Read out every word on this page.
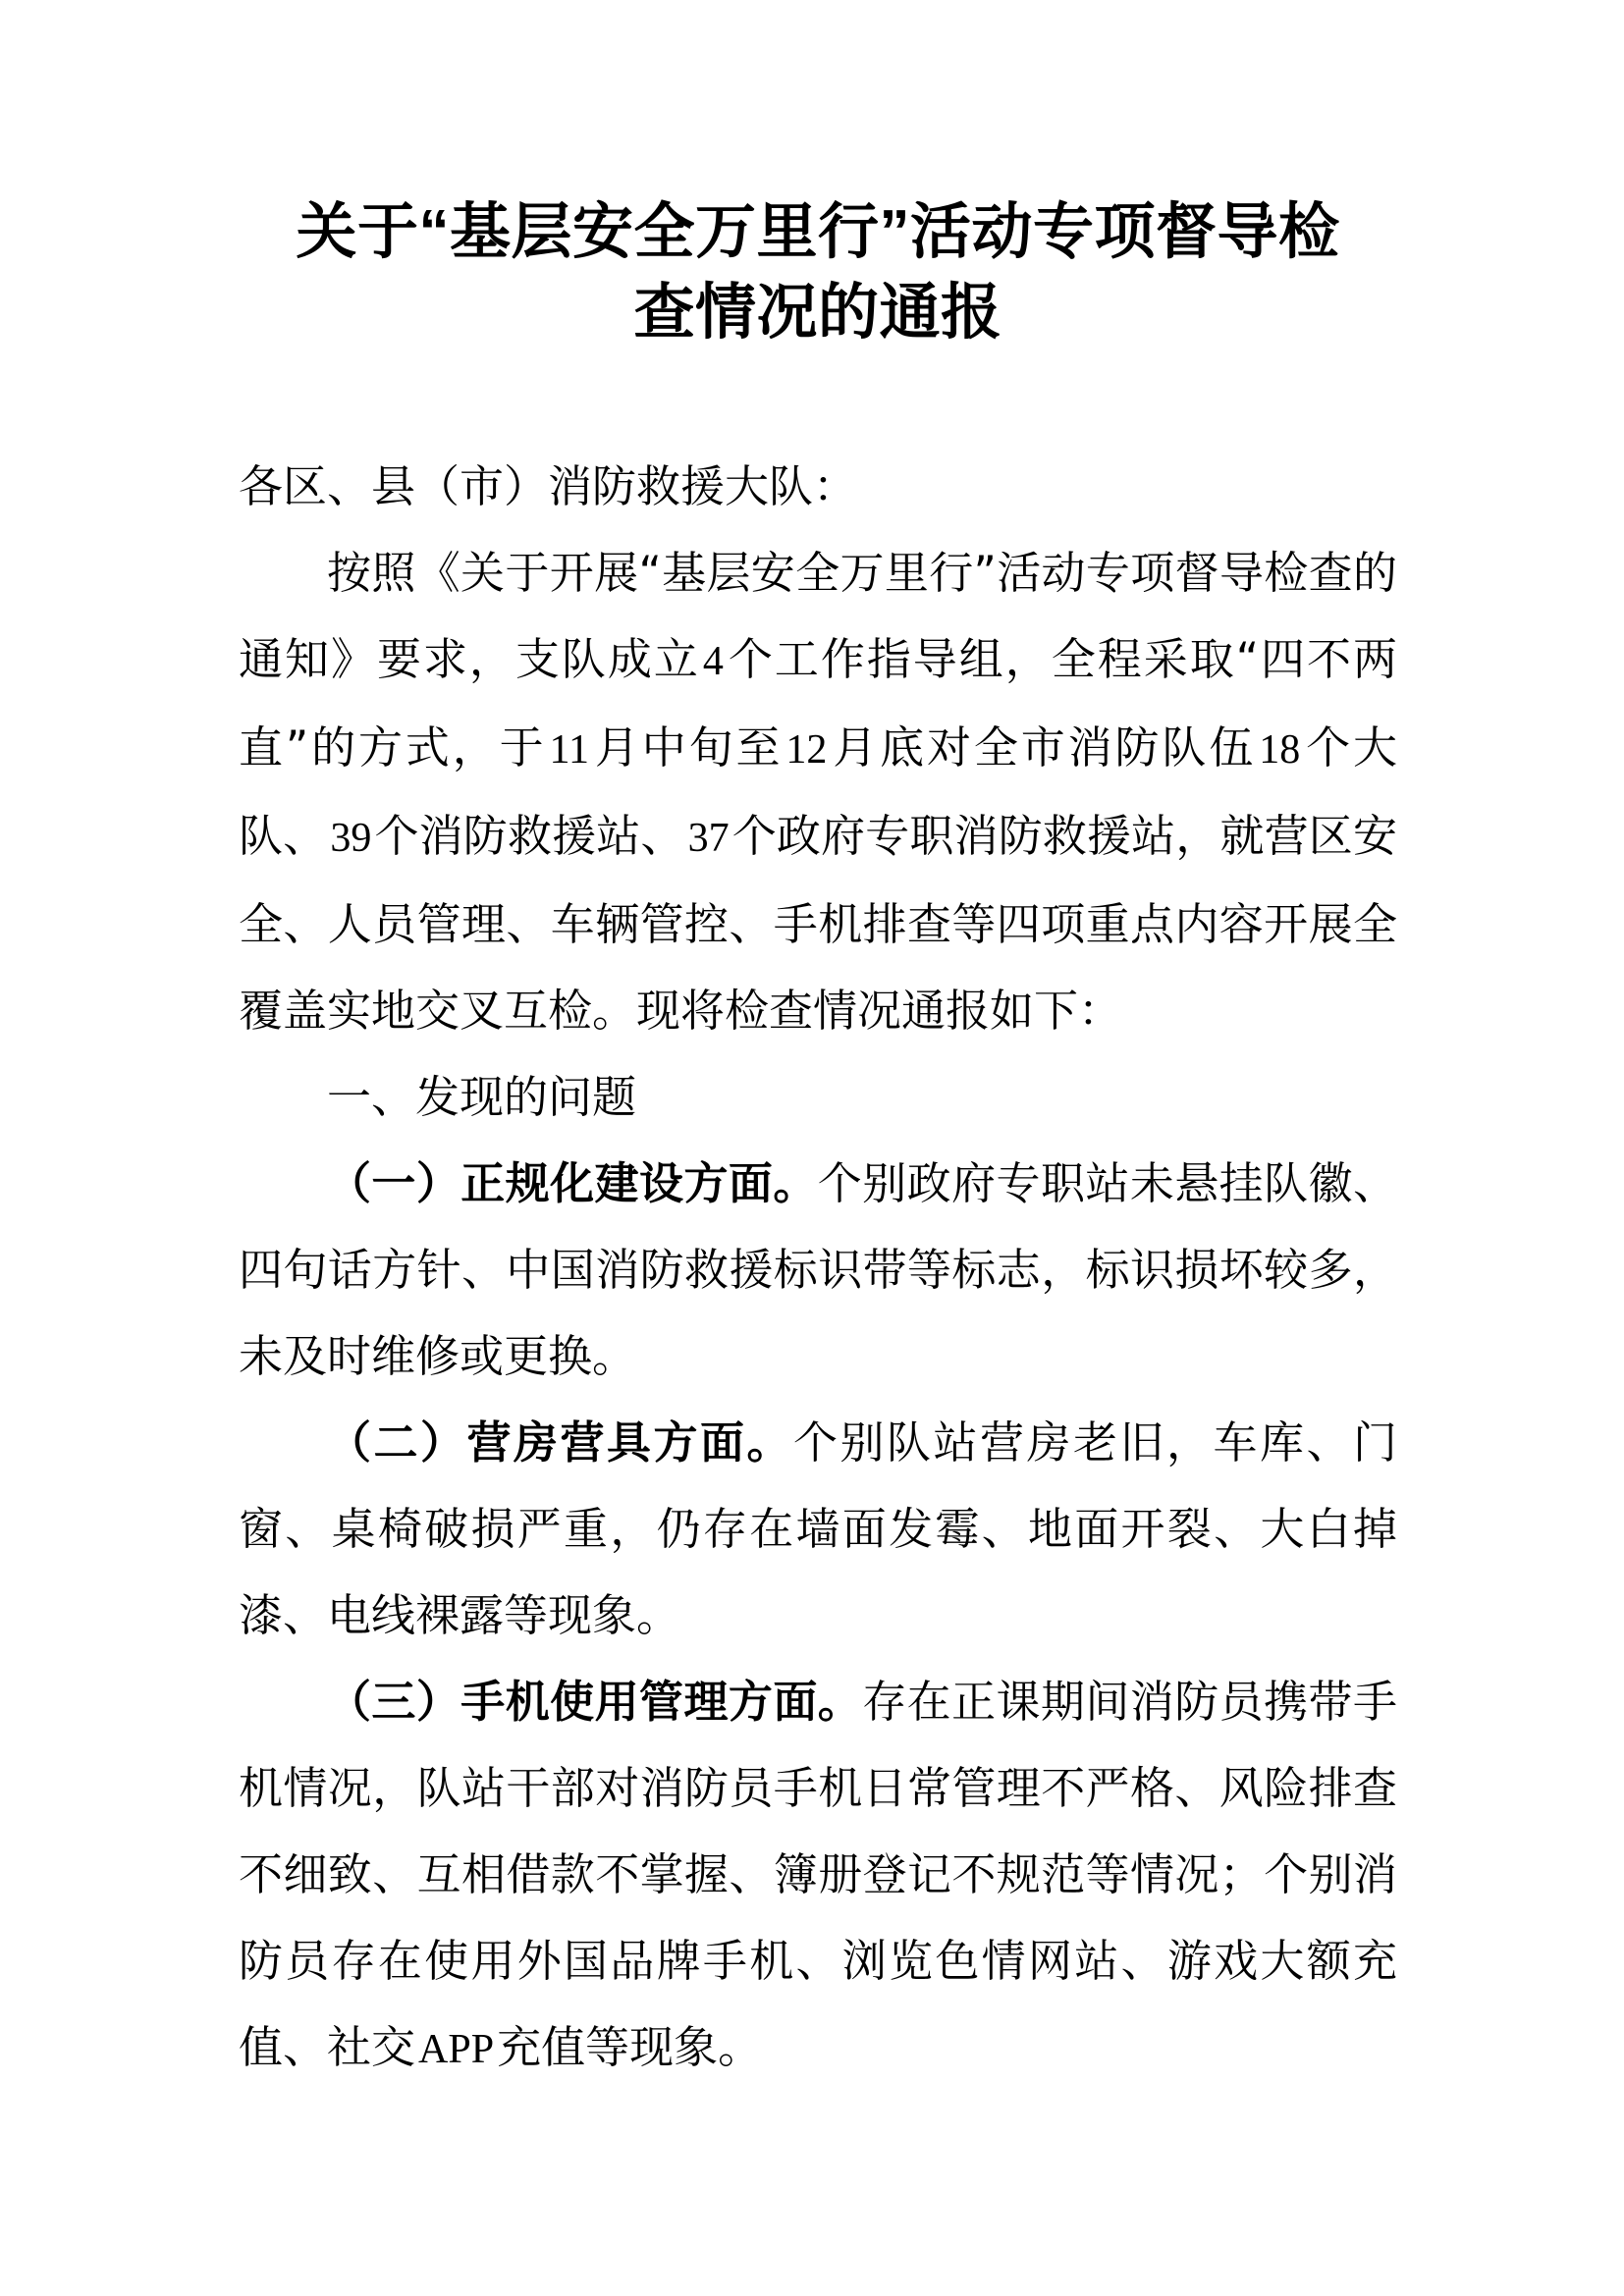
关于“基层安全万里行”活动专项督导检
查情况的通报

各区、县（市）消防救援大队：

按照《关于开展“基层安全万里行”活动专项督导检查的通知》要求，支队成立4个工作指导组，全程采取“四不两直”的方式，于11月中旬至12月底对全市消防队伍18个大队、39个消防救援站、37个政府专职消防救援站，就营区安全、人员管理、车辆管控、手机排查等四项重点内容开展全覆盖实地交叉互检。现将检查情况通报如下：

一、发现的问题

（一）正规化建设方面。个别政府专职站未悬挂队徽、四句话方针、中国消防救援标识带等标志，标识损坏较多，未及时维修或更换。

（二）营房营具方面。个别队站营房老旧，车库、门窗、桌椅破损严重，仍存在墙面发霉、地面开裂、大白掉漆、电线裸露等现象。

（三）手机使用管理方面。存在正课期间消防员携带手机情况，队站干部对消防员手机日常管理不严格、风险排查不细致、互相借款不掌握、簿册登记不规范等情况；个别消防员存在使用外国品牌手机、浏览色情网站、游戏大额充值、社交APP充值等现象。
